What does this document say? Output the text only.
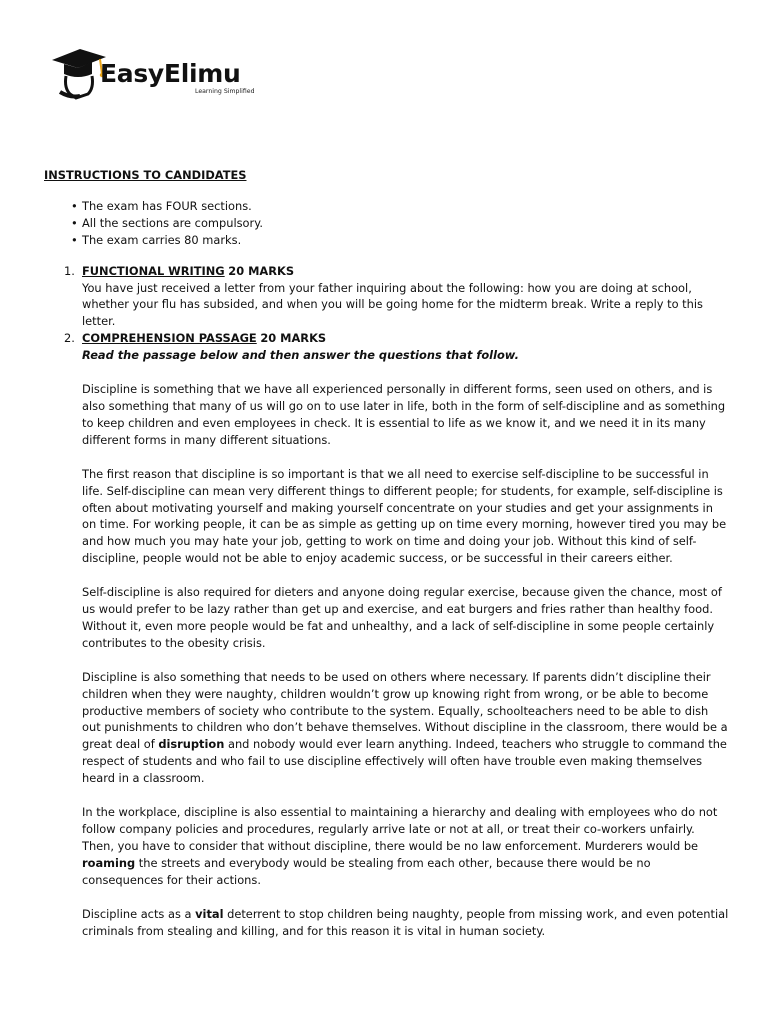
EasyElimu
Learning Simplified
INSTRUCTIONS TO CANDIDATES
• The exam has FOUR sections.
• All the sections are compulsory.
• The exam carries 80 marks.
1. FUNCTIONAL WRITING 20 MARKS
You have just received a letter from your father inquiring about the following: how you are doing at school, whether your flu has subsided, and when you will be going home for the midterm break. Write a reply to this letter.
2. COMPREHENSION PASSAGE 20 MARKS
Read the passage below and then answer the questions that follow.

Discipline is something that we have all experienced personally in different forms, seen used on others, and is also something that many of us will go on to use later in life, both in the form of self-discipline and as something to keep children and even employees in check. It is essential to life as we know it, and we need it in its many different forms in many different situations.

The first reason that discipline is so important is that we all need to exercise self-discipline to be successful in life. Self-discipline can mean very different things to different people; for students, for example, self-discipline is often about motivating yourself and making yourself concentrate on your studies and get your assignments in on time. For working people, it can be as simple as getting up on time every morning, however tired you may be and how much you may hate your job, getting to work on time and doing your job. Without this kind of self-discipline, people would not be able to enjoy academic success, or be successful in their careers either.

Self-discipline is also required for dieters and anyone doing regular exercise, because given the chance, most of us would prefer to be lazy rather than get up and exercise, and eat burgers and fries rather than healthy food. Without it, even more people would be fat and unhealthy, and a lack of self-discipline in some people certainly contributes to the obesity crisis.

Discipline is also something that needs to be used on others where necessary. If parents didn’t discipline their children when they were naughty, children wouldn’t grow up knowing right from wrong, or be able to become productive members of society who contribute to the system. Equally, schoolteachers need to be able to dish out punishments to children who don’t behave themselves. Without discipline in the classroom, there would be a great deal of disruption and nobody would ever learn anything. Indeed, teachers who struggle to command the respect of students and who fail to use discipline effectively will often have trouble even making themselves heard in a classroom.

In the workplace, discipline is also essential to maintaining a hierarchy and dealing with employees who do not follow company policies and procedures, regularly arrive late or not at all, or treat their co-workers unfairly. Then, you have to consider that without discipline, there would be no law enforcement. Murderers would be roaming the streets and everybody would be stealing from each other, because there would be no consequences for their actions.

Discipline acts as a vital deterrent to stop children being naughty, people from missing work, and even potential criminals from stealing and killing, and for this reason it is vital in human society.
